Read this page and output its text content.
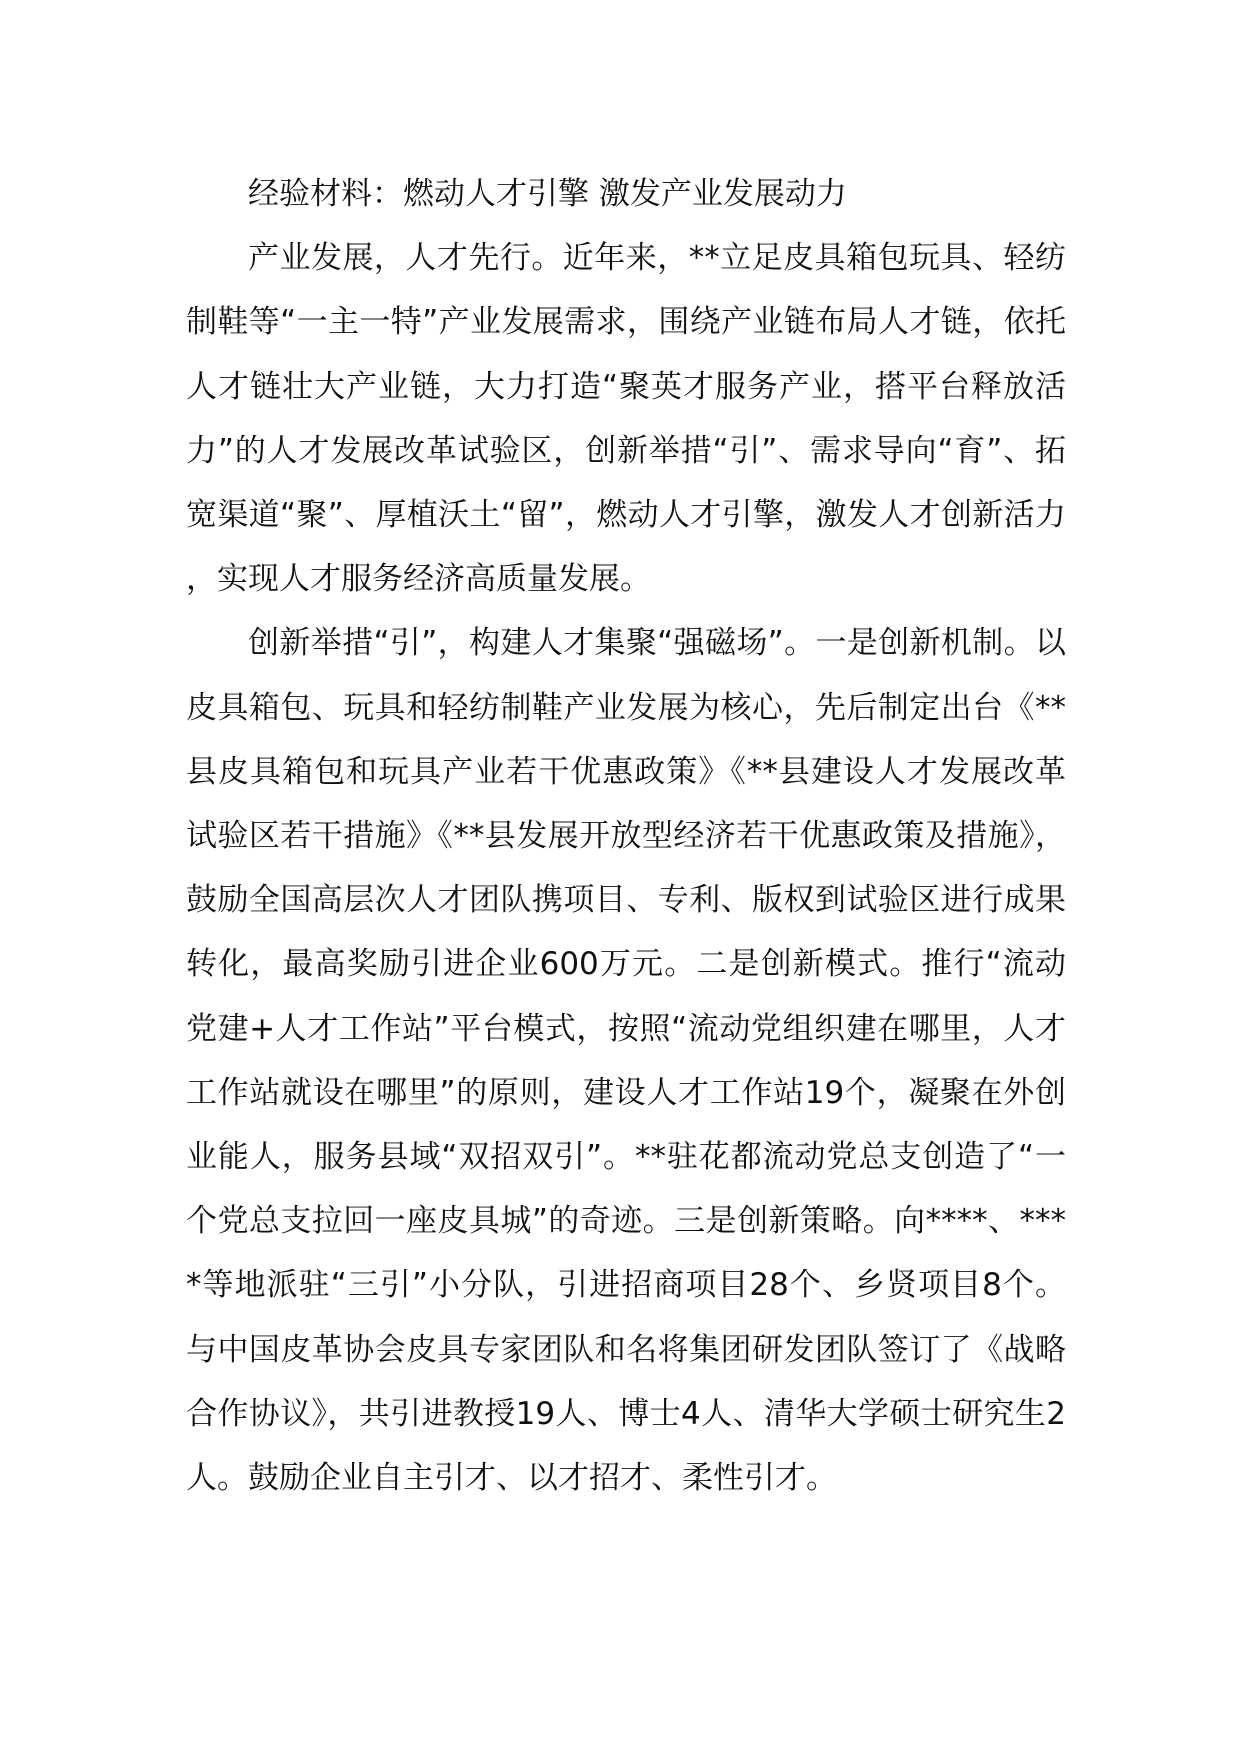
经验材料：燃动人才引擎 激发产业发展动力

产业发展，人才先行。近年来，**立足皮具箱包玩具、轻纺制鞋等“一主一特”产业发展需求，围绕产业链布局人才链，依托人才链壮大产业链，大力打造“聚英才服务产业，搭平台释放活力”的人才发展改革试验区，创新举措“引”、需求导向“育”、拓宽渠道“聚”、厚植沃土“留”，燃动人才引擎，激发人才创新活力，实现人才服务经济高质量发展。

创新举措“引”，构建人才集聚“强磁场”。一是创新机制。以皮具箱包、玩具和轻纺制鞋产业发展为核心，先后制定出台《**县皮具箱包和玩具产业若干优惠政策》《**县建设人才发展改革试验区若干措施》《**县发展开放型经济若干优惠政策及措施》，鼓励全国高层次人才团队携项目、专利、版权到试验区进行成果转化，最高奖励引进企业600万元。二是创新模式。推行“流动党建+人才工作站”平台模式，按照“流动党组织建在哪里，人才工作站就设在哪里”的原则，建设人才工作站19个，凝聚在外创业能人，服务县域“双招双引”。**驻花都流动党总支创造了“一个党总支拉回一座皮具城”的奇迹。三是创新策略。向****、****等地派驻“三引”小分队，引进招商项目28个、乡贤项目8个。与中国皮革协会皮具专家团队和名将集团研发团队签订了《战略合作协议》，共引进教授19人、博士4人、清华大学硕士研究生2人。鼓励企业自主引才、以才招才、柔性引才。
